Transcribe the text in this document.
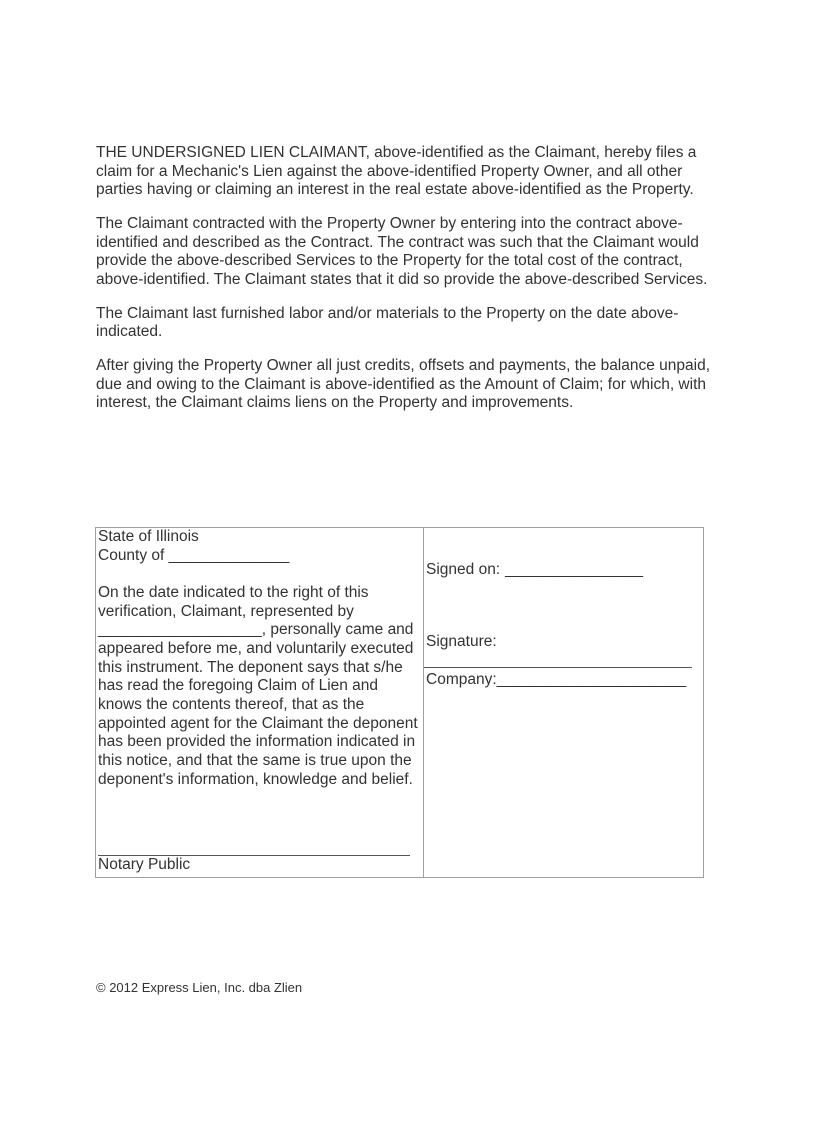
THE UNDERSIGNED LIEN CLAIMANT, above-identified as the Claimant, hereby files a claim for a Mechanic's Lien against the above-identified Property Owner, and all other parties having or claiming an interest in the real estate above-identified as the Property.

The Claimant contracted with the Property Owner by entering into the contract above-identified and described as the Contract. The contract was such that the Claimant would provide the above-described Services to the Property for the total cost of the contract, above-identified. The Claimant states that it did so provide the above-described Services.

The Claimant last furnished labor and/or materials to the Property on the date above-indicated.

After giving the Property Owner all just credits, offsets and payments, the balance unpaid, due and owing to the Claimant is above-identified as the Amount of Claim; for which, with interest, the Claimant claims liens on the Property and improvements.

State of Illinois
County of ______________
On the date indicated to the right of this verification, Claimant, represented by ___________________, personally came and appeared before me, and voluntarily executed this instrument. The deponent says that s/he has read the foregoing Claim of Lien and knows the contents thereof, that as the appointed agent for the Claimant the deponent has been provided the information indicated in this notice, and that the same is true upon the deponent's information, knowledge and belief.
Notary Public
Signed on: ________________
Signature:
Company:______________________
© 2012 Express Lien, Inc. dba Zlien
